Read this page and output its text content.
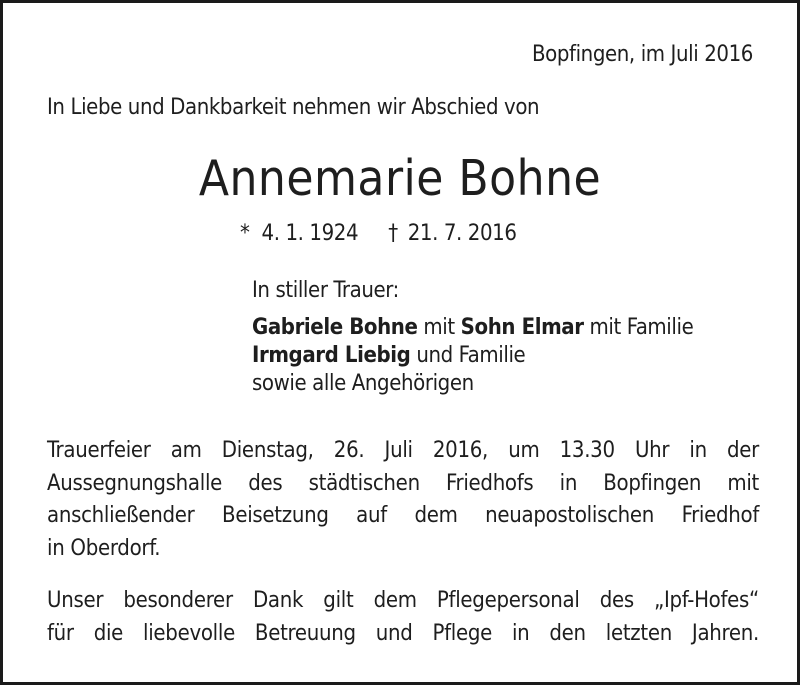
Bopfingen, im Juli 2016
In Liebe und Dankbarkeit nehmen wir Abschied von
Annemarie Bohne
* 4. 1. 1924 † 21. 7. 2016
In stiller Trauer:
Gabriele Bohne mit Sohn Elmar mit Familie
Irmgard Liebig und Familie
sowie alle Angehörigen
Trauerfeier am Dienstag, 26. Juli 2016, um 13.30 Uhr in der
Aussegnungshalle des städtischen Friedhofs in Bopfingen mit
anschließender Beisetzung auf dem neuapostolischen Friedhof
in Oberdorf.
Unser besonderer Dank gilt dem Pflegepersonal des „Ipf-Hofes“
für die liebevolle Betreuung und Pflege in den letzten Jahren.
